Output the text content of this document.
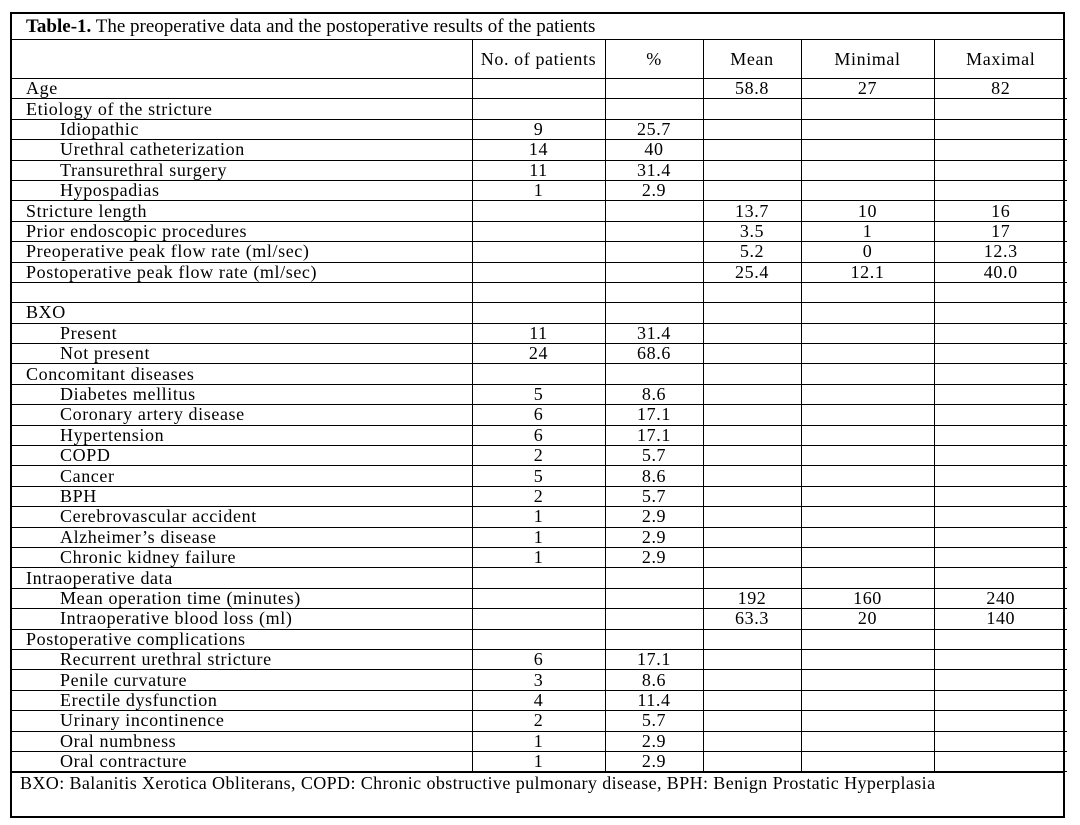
Table-1. The preoperative data and the postoperative results of the patients
	No. of patients	%	Mean	Minimal	Maximal
Age			58.8	27	82
Etiology of the stricture					
Idiopathic	9	25.7			
Urethral catheterization	14	40			
Transurethral surgery	11	31.4			
Hypospadias	1	2.9			
Stricture length			13.7	10	16
Prior endoscopic procedures			3.5	1	17
Preoperative peak flow rate (ml/sec)			5.2	0	12.3
Postoperative peak flow rate (ml/sec)			25.4	12.1	40.0

BXO					
Present	11	31.4			
Not present	24	68.6			
Concomitant diseases					
Diabetes mellitus	5	8.6			
Coronary artery disease	6	17.1			
Hypertension	6	17.1			
COPD	2	5.7			
Cancer	5	8.6			
BPH	2	5.7			
Cerebrovascular accident	1	2.9			
Alzheimer’s disease	1	2.9			
Chronic kidney failure	1	2.9			
Intraoperative data					
Mean operation time (minutes)			192	160	240
Intraoperative blood loss (ml)			63.3	20	140
Postoperative complications					
Recurrent urethral stricture	6	17.1			
Penile curvature	3	8.6			
Erectile dysfunction	4	11.4			
Urinary incontinence	2	5.7			
Oral numbness	1	2.9			
Oral contracture	1	2.9			
BXO: Balanitis Xerotica Obliterans, COPD: Chronic obstructive pulmonary disease, BPH: Benign Prostatic Hyperplasia
